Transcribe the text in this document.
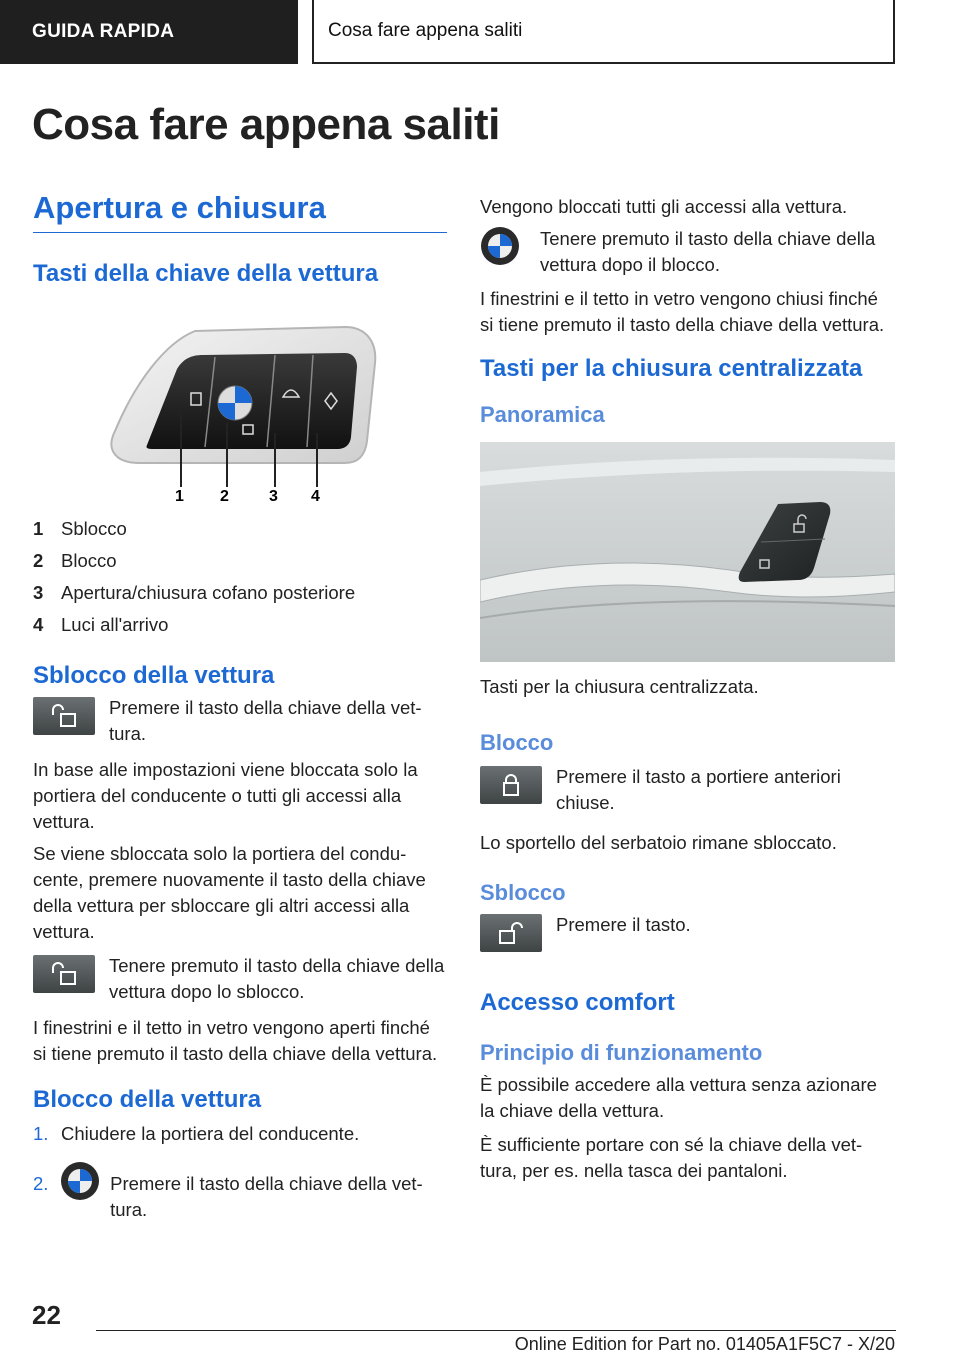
GUIDA RAPIDA	Cosa fare appena saliti
Cosa fare appena saliti
Apertura e chiusura
Tasti della chiave della vettura
1 2	3 4
1 Sblocco
2 Blocco
3 Apertura/chiusura cofano posteriore
4 Luci all'arrivo
Sblocco della vettura

Premere il tasto della chiave della vet-tura.

In base alle impostazioni viene bloccata solo la portiera del conducente o tutti gli accessi alla vettura.

Se viene sbloccata solo la portiera del condu-cente, premere nuovamente il tasto della chiave della vettura per sbloccare gli altri accessi alla vettura.

Tenere premuto il tasto della chiave della vettura dopo lo sblocco.

I finestrini e il tetto in vetro vengono aperti finché si tiene premuto il tasto della chiave della vettura.

Blocco della vettura
1. Chiudere la portiera del conducente.
2.	Premere il tasto della chiave della vet-tura.

Vengono bloccati tutti gli accessi alla vettura.

Tenere premuto il tasto della chiave della vettura dopo il blocco.

I finestrini e il tetto in vetro vengono chiusi finché si tiene premuto il tasto della chiave della vettura.

Tasti per la chiusura centralizzata
Panoramica

Tasti per la chiusura centralizzata.

Blocco

Premere il tasto a portiere anteriori chiuse.

Lo sportello del serbatoio rimane sbloccato.

Sblocco

Premere il tasto.

Accesso comfort
Principio di funzionamento

È possibile accedere alla vettura senza azionare la chiave della vettura.

È sufficiente portare con sé la chiave della vet-tura, per es. nella tasca dei pantaloni.

22
Online Edition for Part no. 01405A1F5C7 - X/20
